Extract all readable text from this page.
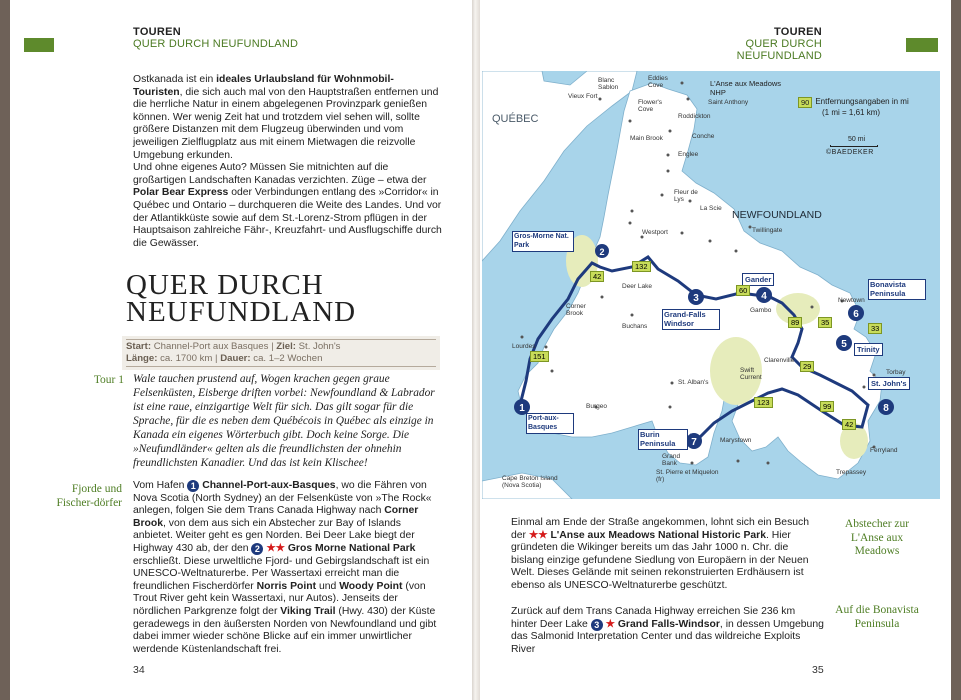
TOUREN
QUER DURCH NEUFUNDLAND
Ostkanada ist ein ideales Urlaubsland für Wohnmobil-Touristen, die sich auch mal von den Hauptstraßen entfernen und die herrliche Natur in einem abgelegenen Provinzpark genießen können. Wer wenig Zeit hat und trotzdem viel sehen will, sollte größere Distanzen mit dem Flugzeug überwinden und vom jeweiligen Zielflugplatz aus mit einem Mietwagen die reizvolle Umgebung erkunden.
Und ohne eigenes Auto? Müssen Sie mitnichten auf die großartigen Landschaften Kanadas verzichten. Züge – etwa der Polar Bear Express oder Verbindungen entlang des »Corridor« in Québec und Ontario – durchqueren die Weite des Landes. Und vor der Atlantikküste sowie auf dem St.-Lorenz-Strom pflügen in der Hauptsaison zahlreiche Fähr-, Kreuzfahrt- und Ausflugschiffe durch die Gewässer.
QUER DURCH
NEUFUNDLAND
Start: Channel-Port aux Basques | Ziel: St. John's
Länge: ca. 1700 km | Dauer: ca. 1–2 Wochen
Tour 1 Wale tauchen prustend auf, Wogen krachen gegen graue Felsenküsten, Eisberge driften vorbei: Newfoundland & Labrador ist eine raue, einzigartige Welt für sich. Das gilt sogar für die Sprache, für die es neben dem Québécois in Québec als einzige in Kanada ein eigenes Wörterbuch gibt. Doch keine Sorge. Die »Neufundländer« gelten als die freundlichsten der ohnehin freundlichsten Kanadier. Und das ist kein Klischee!
Fjorde und Fischer-dörfer
Vom Hafen 1 Channel-Port-aux-Basques, wo die Fähren von Nova Scotia (North Sydney) an der Felsenküste von »The Rock« anlegen, folgen Sie dem Trans Canada Highway nach Corner Brook, von dem aus sich ein Abstecher zur Bay of Islands anbietet. Weiter geht es gen Norden. Bei Deer Lake biegt der Highway 430 ab, der den 2 ★★ Gros Morne National Park erschließt. Diese urweltliche Fjord- und Gebirgslandschaft ist ein UNESCO-Weltnaturerbe. Per Wassertaxi erreicht man die freundlichen Fischerdörfer Norris Point und Woody Point (von Trout River geht kein Wassertaxi, nur Autos). Jenseits der nördlichen Parkgrenze folgt der Viking Trail (Hwy. 430) der Küste geradewegs in den äußersten Norden von Newfoundland und gibt dabei immer wieder schöne Blicke auf ein immer unwirtlicher werdende Küstenlandschaft frei.
34
TOUREN
QUER DURCH NEUFUNDLAND
1
2
3	4
5
6
7
8
QUÉBEC
NEWFOUNDLAND
90 Entfernungsangaben in mi
(1 mi = 1,61 km)
50 mi
©BAEDEKER
L'Anse aux Meadows NHP
Port-aux-Basques
Gros-Morne Nat. Park
Grand-Falls Windsor
Gander
Trinity
Bonavista Peninsula
Burin Peninsula
St. John's
151
42
132
60
89	35
33
29
123	99
42
Blanc Sablon
Eddies Cove
Vieux Fort
Flower's Cove
Saint Anthony
Roddickton
Conche
Englee
Main Brook
Fleur de Lys
La Scie
Westport	Twillingate
Deer Lake
Corner Brook
Buchans
Newtown
Gambo
Clarenville
Swift Current
Grand Bank
Marystown
St. Pierre et Miquelon (fr)
Lourdes
Burgeo
St. Alban's
Torbay
Ferryland
Trepassey
Cape Breton Island (Nova Scotia)
Einmal am Ende der Straße angekommen, lohnt sich ein Besuch der ★★ L'Anse aux Meadows National Historic Park. Hier gründeten die Wikinger bereits um das Jahr 1000 n. Chr. die bislang einzige gefundene Siedlung von Europäern in der Neuen Welt. Dieses Gelände mit seinen rekonstruierten Erdhäusern ist ebenso als UNESCO-Weltnaturerbe geschützt.
Zurück auf dem Trans Canada Highway erreichen Sie 236 km hinter Deer Lake 3 ★ Grand Falls-Windsor, in dessen Umgebung das Salmonid Interpretation Center und das wildreiche Exploits River
Abstecher zur L'Anse aux Meadows
Auf die Bonavista Peninsula
35
